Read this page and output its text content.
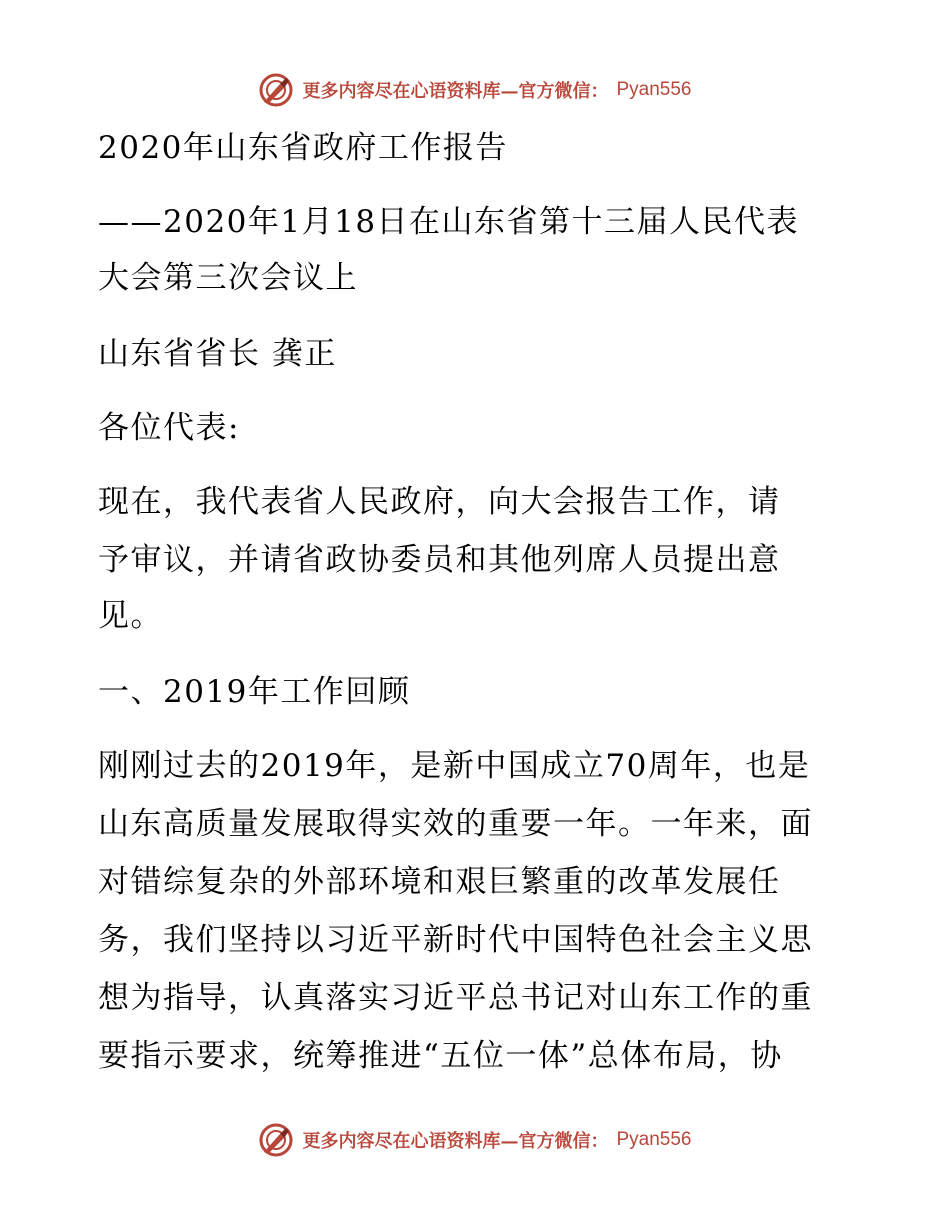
更多内容尽在心语资料库—官方微信： Pyan556
2020年山东省政府工作报告
——2020年1月18日在山东省第十三届人民代表
大会第三次会议上
山东省省长 龚正
各位代表:
现在，我代表省人民政府，向大会报告工作，请
予审议，并请省政协委员和其他列席人员提出意
见。
一、2019年工作回顾
刚刚过去的2019年，是新中国成立70周年，也是
山东高质量发展取得实效的重要一年。一年来，面
对错综复杂的外部环境和艰巨繁重的改革发展任
务，我们坚持以习近平新时代中国特色社会主义思
想为指导，认真落实习近平总书记对山东工作的重
要指示要求，统筹推进“五位一体”总体布局，协
更多内容尽在心语资料库—官方微信： Pyan556
